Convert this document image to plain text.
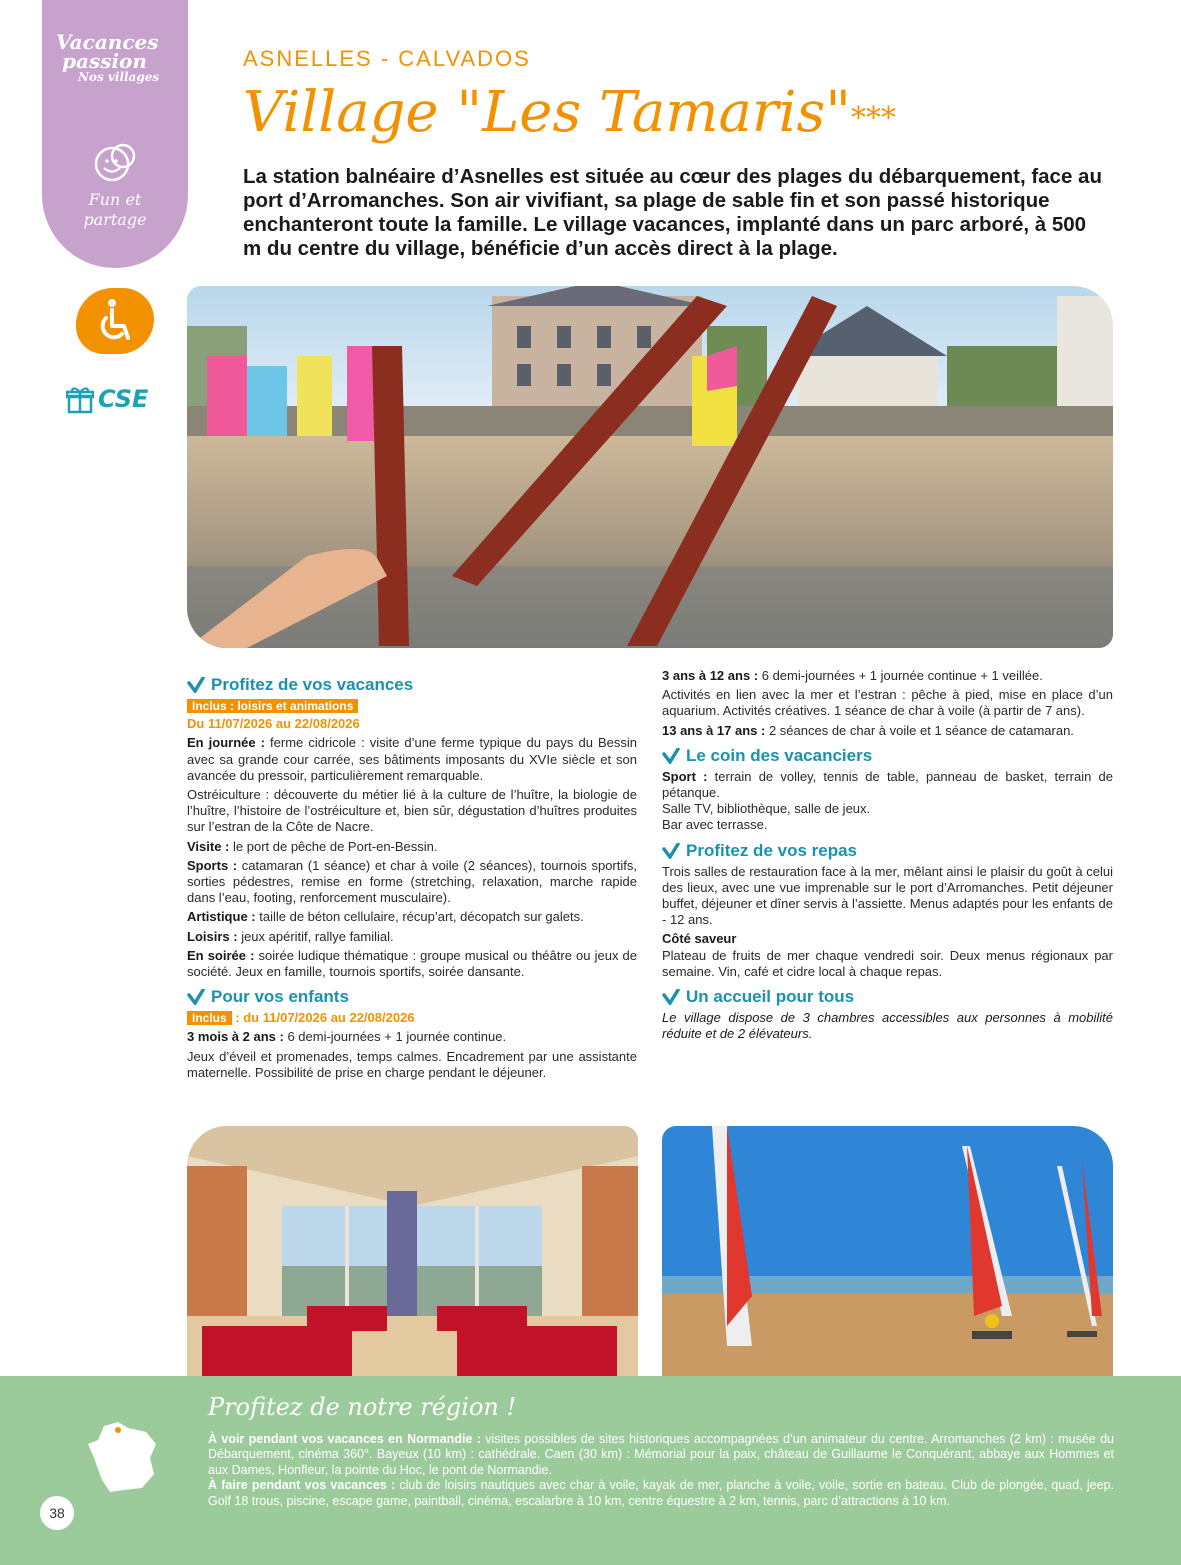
Vacances
passion
Nos villages
Fun et partage
CSE
ASNELLES - CALVADOS
Village "Les Tamaris"***
La station balnéaire d’Asnelles est située au cœur des plages du débarquement, face au port d’Arromanches. Son air vivifiant, sa plage de sable fin et son passé historique enchanteront toute la famille. Le village vacances, implanté dans un parc arboré, à 500 m du centre du village, bénéficie d’un accès direct à la plage.
Profitez de vos vacances
Inclus : loisirs et animations
Du 11/07/2026 au 22/08/2026

En journée : ferme cidricole : visite d’une ferme typique du pays du Bessin avec sa grande cour carrée, ses bâtiments imposants du XVIe siècle et son avancée du pressoir, particulièrement remarquable.

Ostréiculture : découverte du métier lié à la culture de l’huître, la biologie de l’huître, l’histoire de l’ostréiculture et, bien sûr, dégustation d’huîtres produites sur l’estran de la Côte de Nacre.

Visite : le port de pêche de Port-en-Bessin.

Sports : catamaran (1 séance) et char à voile (2 séances), tournois sportifs, sorties pédestres, remise en forme (stretching, relaxation, marche rapide dans l’eau, footing, renforcement musculaire).

Artistique : taille de béton cellulaire, récup’art, décopatch sur galets.

Loisirs : jeux apéritif, rallye familial.

En soirée : soirée ludique thématique : groupe musical ou théâtre ou jeux de société. Jeux en famille, tournois sportifs, soirée dansante.

Pour vos enfants
Inclus : du 11/07/2026 au 22/08/2026

3 mois à 2 ans : 6 demi-journées + 1 journée continue.

Jeux d’éveil et promenades, temps calmes. Encadrement par une assistante maternelle. Possibilité de prise en charge pendant le déjeuner.

3 ans à 12 ans : 6 demi-journées + 1 journée continue + 1 veillée.

Activités en lien avec la mer et l’estran : pêche à pied, mise en place d’un aquarium. Activités créatives. 1 séance de char à voile (à partir de 7 ans).

13 ans à 17 ans : 2 séances de char à voile et 1 séance de catamaran.

Le coin des vacanciers

Sport : terrain de volley, tennis de table, panneau de basket, terrain de pétanque.

Salle TV, bibliothèque, salle de jeux.

Bar avec terrasse.

Profitez de vos repas

Trois salles de restauration face à la mer, mêlant ainsi le plaisir du goût à celui des lieux, avec une vue imprenable sur le port d’Arromanches. Petit déjeuner buffet, déjeuner et dîner servis à l’assiette. Menus adaptés pour les enfants de - 12 ans.

Côté saveur

Plateau de fruits de mer chaque vendredi soir. Deux menus régionaux par semaine. Vin, café et cidre local à chaque repas.

Un accueil pour tous

Le village dispose de 3 chambres accessibles aux personnes à mobilité réduite et de 2 élévateurs.

Profitez de notre région !
À voir pendant vos vacances en Normandie : visites possibles de sites historiques accompagnées d’un animateur du centre. Arromanches (2 km) : musée du Débarquement, cinéma 360°. Bayeux (10 km) : cathédrale. Caen (30 km) : Mémorial pour la paix, château de Guillaume le Conquérant, abbaye aux Hommes et aux Dames, Honfleur, la pointe du Hoc, le pont de Normandie.
À faire pendant vos vacances : club de loisirs nautiques avec char à voile, kayak de mer, planche à voile, voile, sortie en bateau. Club de plongée, quad, jeep. Golf 18 trous, piscine, escape game, paintball, cinéma, escalarbre à 10 km, centre équestre à 2 km, tennis, parc d’attractions à 10 km.
38
